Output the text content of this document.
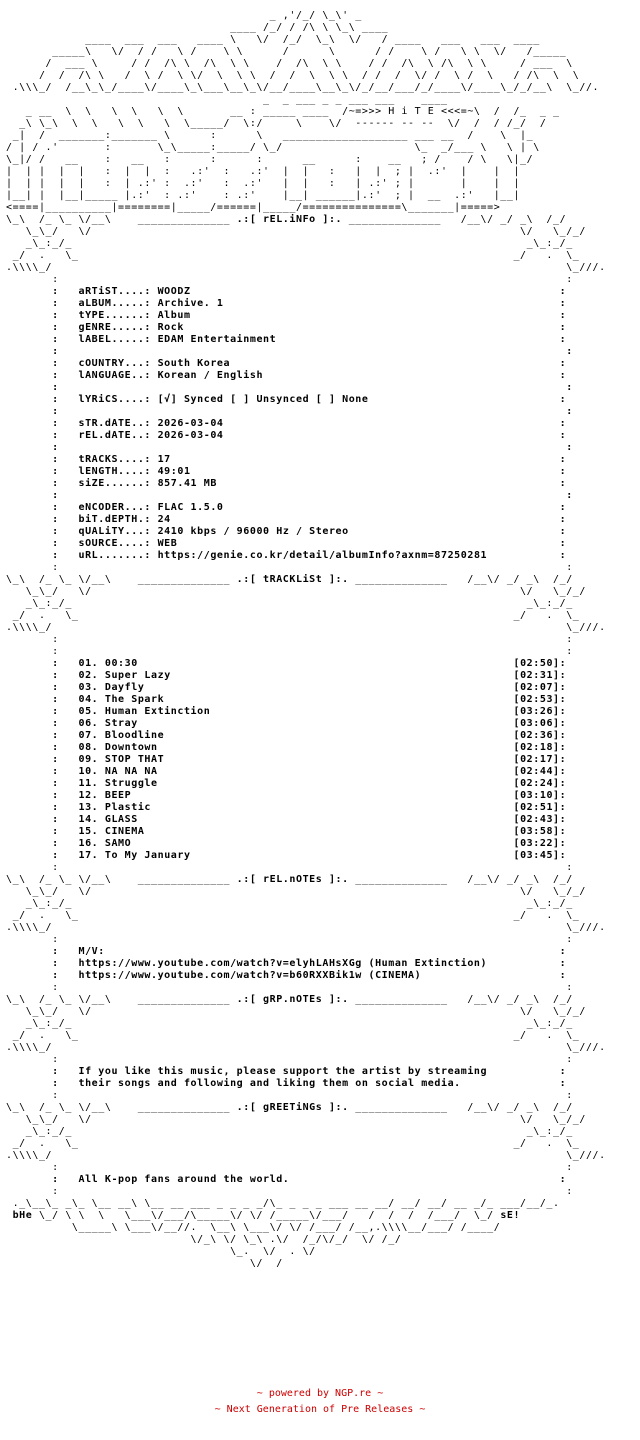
_ ,'/_/ \_\' _
____ /_/ / /\ \ \_\ ____
____  ___  ___   ____ \   \/  /_/  \_\  \/   / ____   ___   ___  ____
_____\   \/  / /   \ /    \ \      /      \      / /    \ /   \ \  \/   /_____
/  ___ \     / /  /\ \  /\  \ \    /  /\  \ \    / /  /\  \ /\  \ \     / ___  \
/  /  /\ \   /  \ /  \ \/  \  \ \  /  /  \  \ \  / /  /  \/ /  \ /  \   / /\  \  \
.\\\_/  /__\_\_/____\/____\_\___\__\_\/__/____\__\_\/_/__/___/_/____\/____\_/_/__\  \_//.
_  _ ___ _ _ ___ ___    ____
_ __  \  \   \  \   \  \       __ : _____ ____  /~=>>> H i T E <<<=~\  /  /_  _ _
_\ \_\  \  \   \  \   \  \_____/  \:/     \    \/  ------ -- --  \/  /  / /_/  /
_|  /  _______:_______ \      :      \   ___________________ ___ __  /    \  |_
/ | / .'       :       \_\_____:_____/ \_/                    \_  _/___ \   \ | \
\_|/ /   __    :   __   :      :      :      __      :    __   ; /    / \   \|_/
|  | |  |  |   :  |  |  :   .:'  :   .:'  |  |   :   |  |  ; |  .:'  |    |  |
|  | |  |  |   :  | .:' :  .:'   :  .:'   |  |   :   | .:' ; |       |    |  |
|__| |  |__|_____ |.:'  : .:'    : .:'    |__| ______|.:'  ; |  __  .:'   |__|
<====|__________|========|_____/======|_____/===============\_______|=====>
\_\  /_ \_ \/__\    ______________ .:[ rEL.iNFo ]:. ______________   /__\/ _/ _\  /_/
\_\_/   \/                                                                 \/   \_/_/
_\_:_/_                                                                     _\_:_/_
_/  .   \_                                                                  _/   .  \_
.\\\\_/                                                                              \_///.
:                                                                             :
:   aRTiST....: WOODZ	:
:   aLBUM.....: Archive. 1	:
:   tYPE......: Album	:
:   gENRE.....: Rock	:
:   lABEL.....: EDAM Entertainment	:
:	:
:   cOUNTRY...: South Korea	:
:   lANGUAGE..: Korean / English	:
:	:
:   lYRiCS....: [√] Synced [ ] Unsynced [ ] None	:
:	:
:   sTR.dATE..: 2026-03-04	:
:   rEL.dATE..: 2026-03-04	:
:	:
:   tRACKS....: 17	:
:   lENGTH....: 49:01	:
:   siZE......: 857.41 MB	:
:	:
:   eNCODER...: FLAC 1.5.0	:
:   biT.dEPTH.: 24	:
:   qUALiTY...: 2410 kbps / 96000 Hz / Stereo	:
:   sOURCE....: WEB	:
:   uRL.......: https://genie.co.kr/detail/albumInfo?axnm=87250281	:
:                                                                             :
\_\  /_ \_ \/__\    ______________ .:[ tRACKLiSt ]:. ______________   /__\/ _/ _\  /_/
\_\_/   \/                                                                 \/   \_/_/
_\_:_/_                                                                     _\_:_/_
_/  .   \_                                                                  _/   .  \_
.\\\\_/                                                                              \_///.
:                                                                             :
:                                                                             :
:   01. 00:30	[02:50]:
:   02. Super Lazy	[02:31]:
:   03. Dayfly	[02:07]:
:   04. The Spark	[02:53]:
:   05. Human Extinction	[03:26]:
:   06. Stray	[03:06]:
:   07. Bloodline	[02:36]:
:   08. Downtown	[02:18]:
:   09. STOP THAT	[02:17]:
:   10. NA NA NA	[02:44]:
:   11. Struggle	[02:24]:
:   12. BEEP	[03:10]:
:   13. Plastic	[02:51]:
:   14. GLASS	[02:43]:
:   15. CINEMA	[03:58]:
:   16. SAMO	[03:22]:
:   17. To My January	[03:45]:
:                                                                             :
\_\  /_ \_ \/__\    ______________ .:[ rEL.nOTEs ]:. ______________   /__\/ _/ _\  /_/
\_\_/   \/                                                                 \/   \_/_/
_\_:_/_                                                                     _\_:_/_
_/  .   \_                                                                  _/   .  \_
.\\\\_/                                                                              \_///.
:                                                                             :
:   M/V:	:
:   https://www.youtube.com/watch?v=elyhLAHsXGg (Human Extinction)	:
:   https://www.youtube.com/watch?v=b60RXXBik1w (CINEMA)	:
:                                                                             :
\_\  /_ \_ \/__\    ______________ .:[ gRP.nOTEs ]:. ______________   /__\/ _/ _\  /_/
\_\_/   \/                                                                 \/   \_/_/
_\_:_/_                                                                     _\_:_/_
_/  .   \_                                                                  _/   .  \_
.\\\\_/                                                                              \_///.
:                                                                             :
:   If you like this music, please support the artist by streaming	:
:   their songs and following and liking them on social media.	:
:                                                                             :
\_\  /_ \_ \/__\    ______________ .:[ gREETiNGs ]:. ______________   /__\/ _/ _\  /_/
\_\_/   \/                                                                 \/   \_/_/
_\_:_/_                                                                     _\_:_/_
_/  .   \_                                                                  _/   .  \_
.\\\\_/                                                                              \_///.
:                                                                             :
:   All K-pop fans around the world.	:
:                                                                             :
._\__\_ _\_ \__ __\ \__ __ ___ _ _ _ _/\_ _ _ _ ___ __ __/ __/ __/ __ _/_ ___/__/_.
bHe \_/ \ \  \   \___\/___/\_____\/ \/ /_____\/___/   /  /  /  /___/  \_/ sE!
\_____\ \___\/__//.  \__\ \___\/ \/ /___/ /__,.\\\\__/___/ /____/
\/_\ \/ \_\ .\/  /_/\/_/  \/ /_/
\_.  \/  . \/
\/  /
~ powered by NGP.re ~
~ Next Generation of Pre Releases ~
